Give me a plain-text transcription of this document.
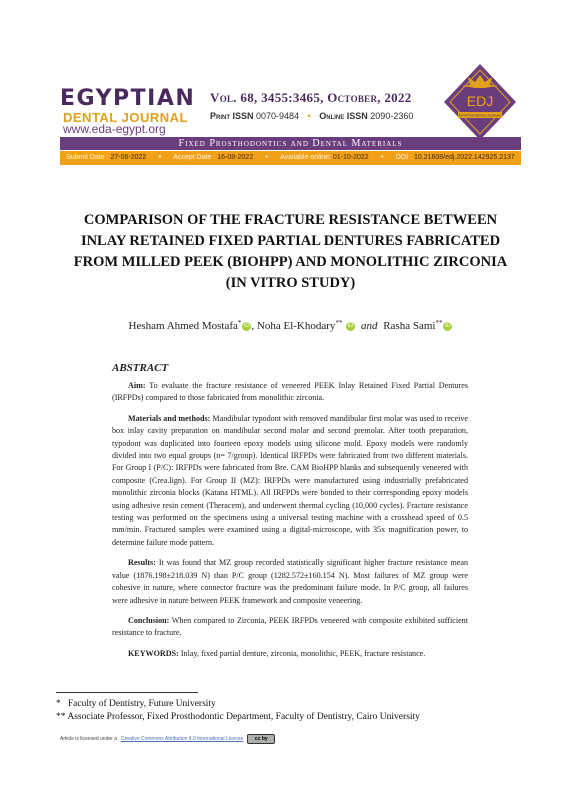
EGYPTIAN
DENTAL JOURNAL
www.eda-egypt.org
Vol. 68, 3455:3465, October, 2022
Print ISSN 0070-9484 • Online ISSN 2090-2360
EDJ
EGYPTIAN DENTAL JOURNAL
Fixed Prosthodontics and Dental Materials
Submit Date : 27-06-2022 • Accept Date : 16-08-2022 • Available online: 01-10-2022 • DOI : 10.21608/edj.2022.142925.2137
COMPARISON OF THE FRACTURE RESISTANCE BETWEEN INLAY RETAINED FIXED PARTIAL DENTURES FABRICATED FROM MILLED PEEK (BIOHPP) AND MONOLITHIC ZIRCONIA (IN VITRO STUDY)
Hesham Ahmed Mostafa* iD , Noha El-Khodary** iD and Rasha Sami** iD
ABSTRACT

Aim: To evaluate the fracture resistance of veneered PEEK Inlay Retained Fixed Partial Dentures (IRFPDs) compared to those fabricated from monolithic zirconia.

Materials and methods: Mandibular typodont with removed mandibular first molar was used to receive box inlay cavity preparation on mandibular second molar and second premolar. After tooth preparation, typodont was duplicated into fourteen epoxy models using silicone mold. Epoxy models were randomly divided into two equal groups (n= 7/group). Identical IRFPDs were fabricated from two different materials. For Group I (P/C): IRFPDs were fabricated from Bre. CAM BioHPP blanks and subsequently veneered with composite (Crea.lign). For Group II (MZ): IRFPDs were manufactured using industrially prefabricated monolithic zirconia blocks (Katana HTML). All IRFPDs were bonded to their corresponding epoxy models using adhesive resin cement (Theracem), and underwent thermal cycling (10,000 cycles). Fracture resistance testing was performed on the specimens using a universal testing machine with a crosshead speed of 0.5 mm/min. Fractured samples were examined using a digital-microscope, with 35x magnification power, to determine failure mode pattern.

Results: It was found that MZ group recorded statistically significant higher fracture resistance mean value (1876.198±218.039 N) than P/C group (1282.572±160.154 N). Most failures of MZ group were cohesive in nature, where connector fracture was the predominant failure mode. In P/C group, all failures were adhesive in nature between PEEK framework and composite veneering.

Conclusion: When compared to Zirconia, PEEK IRFPDs veneered with composite exhibited sufficient resistance to fracture.

KEYWORDS: Inlay, fixed partial denture, zirconia, monolithic, PEEK, fracture resistance.

* Faculty of Dentistry, Future University
** Associate Professor, Fixed Prosthodontic Department, Faculty of Dentistry, Cairo University
Article is licensed under a Creative Commons Attribution 4.0 International License	cc by
